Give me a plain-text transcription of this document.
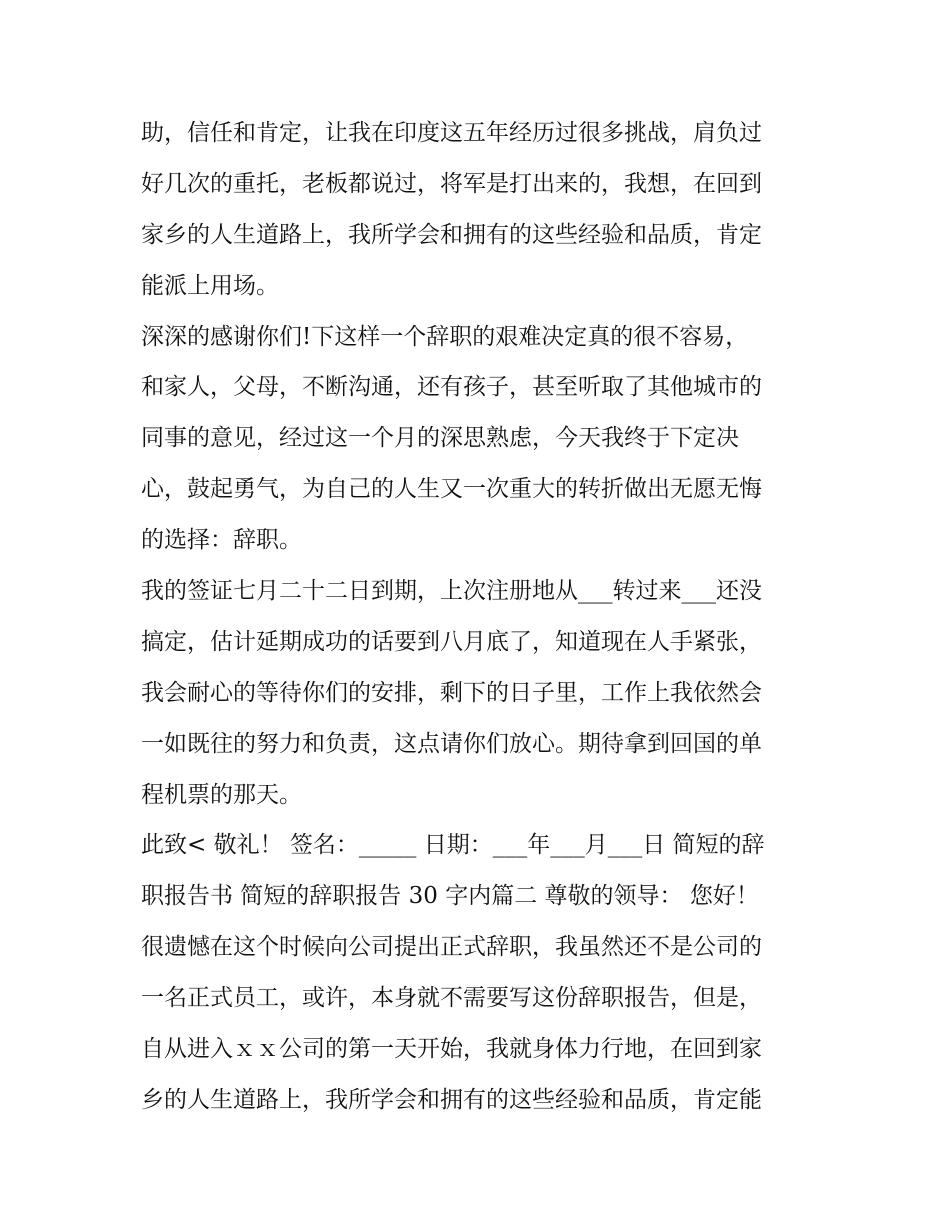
助，信任和肯定，让我在印度这五年经历过很多挑战，肩负过
好几次的重托，老板都说过，将军是打出来的，我想，在回到
家乡的人生道路上，我所学会和拥有的这些经验和品质，肯定
能派上用场。
深深的感谢你们!下这样一个辞职的艰难决定真的很不容易，
和家人，父母，不断沟通，还有孩子，甚至听取了其他城市的
同事的意见，经过这一个月的深思熟虑，今天我终于下定决
心，鼓起勇气，为自己的人生又一次重大的转折做出无愿无悔
的选择：辞职。
我的签证七月二十二日到期，上次注册地从___转过来___还没
搞定，估计延期成功的话要到八月底了，知道现在人手紧张，
我会耐心的等待你们的安排，剩下的日子里，工作上我依然会
一如既往的努力和负责，这点请你们放心。期待拿到回国的单
程机票的那天。
此致< 敬礼！ 签名：_____ 日期：___年___月___日 简短的辞
职报告书 简短的辞职报告 30 字内篇二 尊敬的领导： 您好！
很遗憾在这个时候向公司提出正式辞职，我虽然还不是公司的
一名正式员工，或许，本身就不需要写这份辞职报告，但是，
自从进入ｘｘ公司的第一天开始，我就身体力行地，在回到家
乡的人生道路上，我所学会和拥有的这些经验和品质，肯定能
